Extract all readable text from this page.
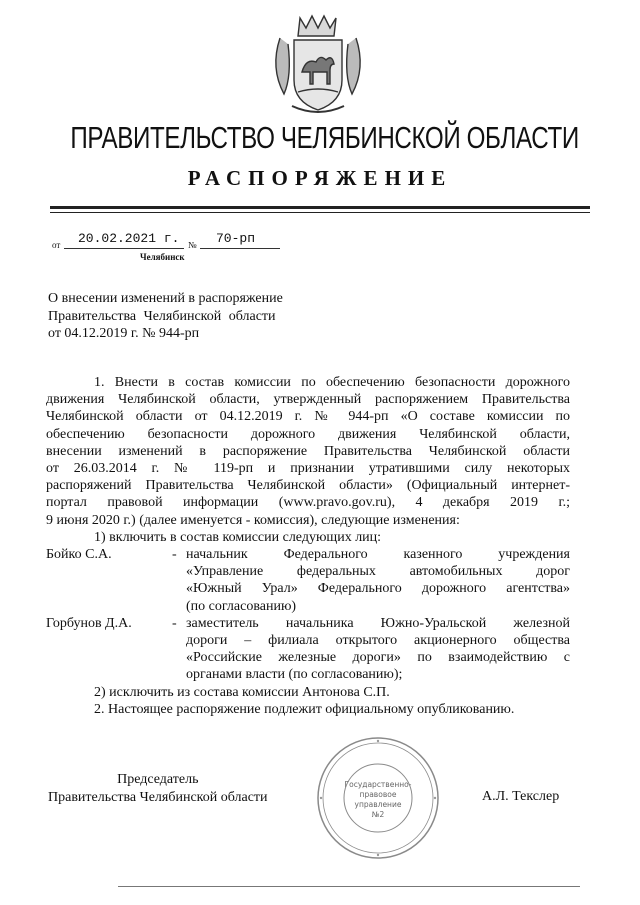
ПРАВИТЕЛЬСТВО ЧЕЛЯБИНСКОЙ ОБЛАСТИ
РАСПОРЯЖЕНИЕ
от 20.02.2021 г. № 70-рп
Челябинск
О внесении изменений в распоряжение
Правительства Челябинской области
от 04.12.2019 г. № 944-рп
1. Внести в состав комиссии по обеспечению безопасности дорожного
движения Челябинской области, утвержденный распоряжением Правительства
Челябинской области от 04.12.2019 г. № 944-рп «О составе комиссии по
обеспечению безопасности дорожного движения Челябинской области,
внесении изменений в распоряжение Правительства Челябинской области
от 26.03.2014 г. № 119-рп и признании утратившими силу некоторых
распоряжений Правительства Челябинской области» (Официальный интернет-
портал правовой информации (www.pravo.gov.ru), 4 декабря 2019 г.;
9 июня 2020 г.) (далее именуется - комиссия), следующие изменения:
1) включить в состав комиссии следующих лиц:
Бойко С.А.	- начальник Федерального казенного учреждения
«Управление федеральных автомобильных дорог
«Южный Урал» Федерального дорожного агентства»
(по согласованию)
Горбунов Д.А.	- заместитель начальника Южно-Уральской железной
дороги – филиала открытого акционерного общества
«Российские железные дороги» по взаимодействию с
органами власти (по согласованию);
2) исключить из состава комиссии Антонова С.П.
2. Настоящее распоряжение подлежит официальному опубликованию.
Государственно-
правовое
управление
№2
Председатель
Правительства Челябинской области	А.Л. Текслер
